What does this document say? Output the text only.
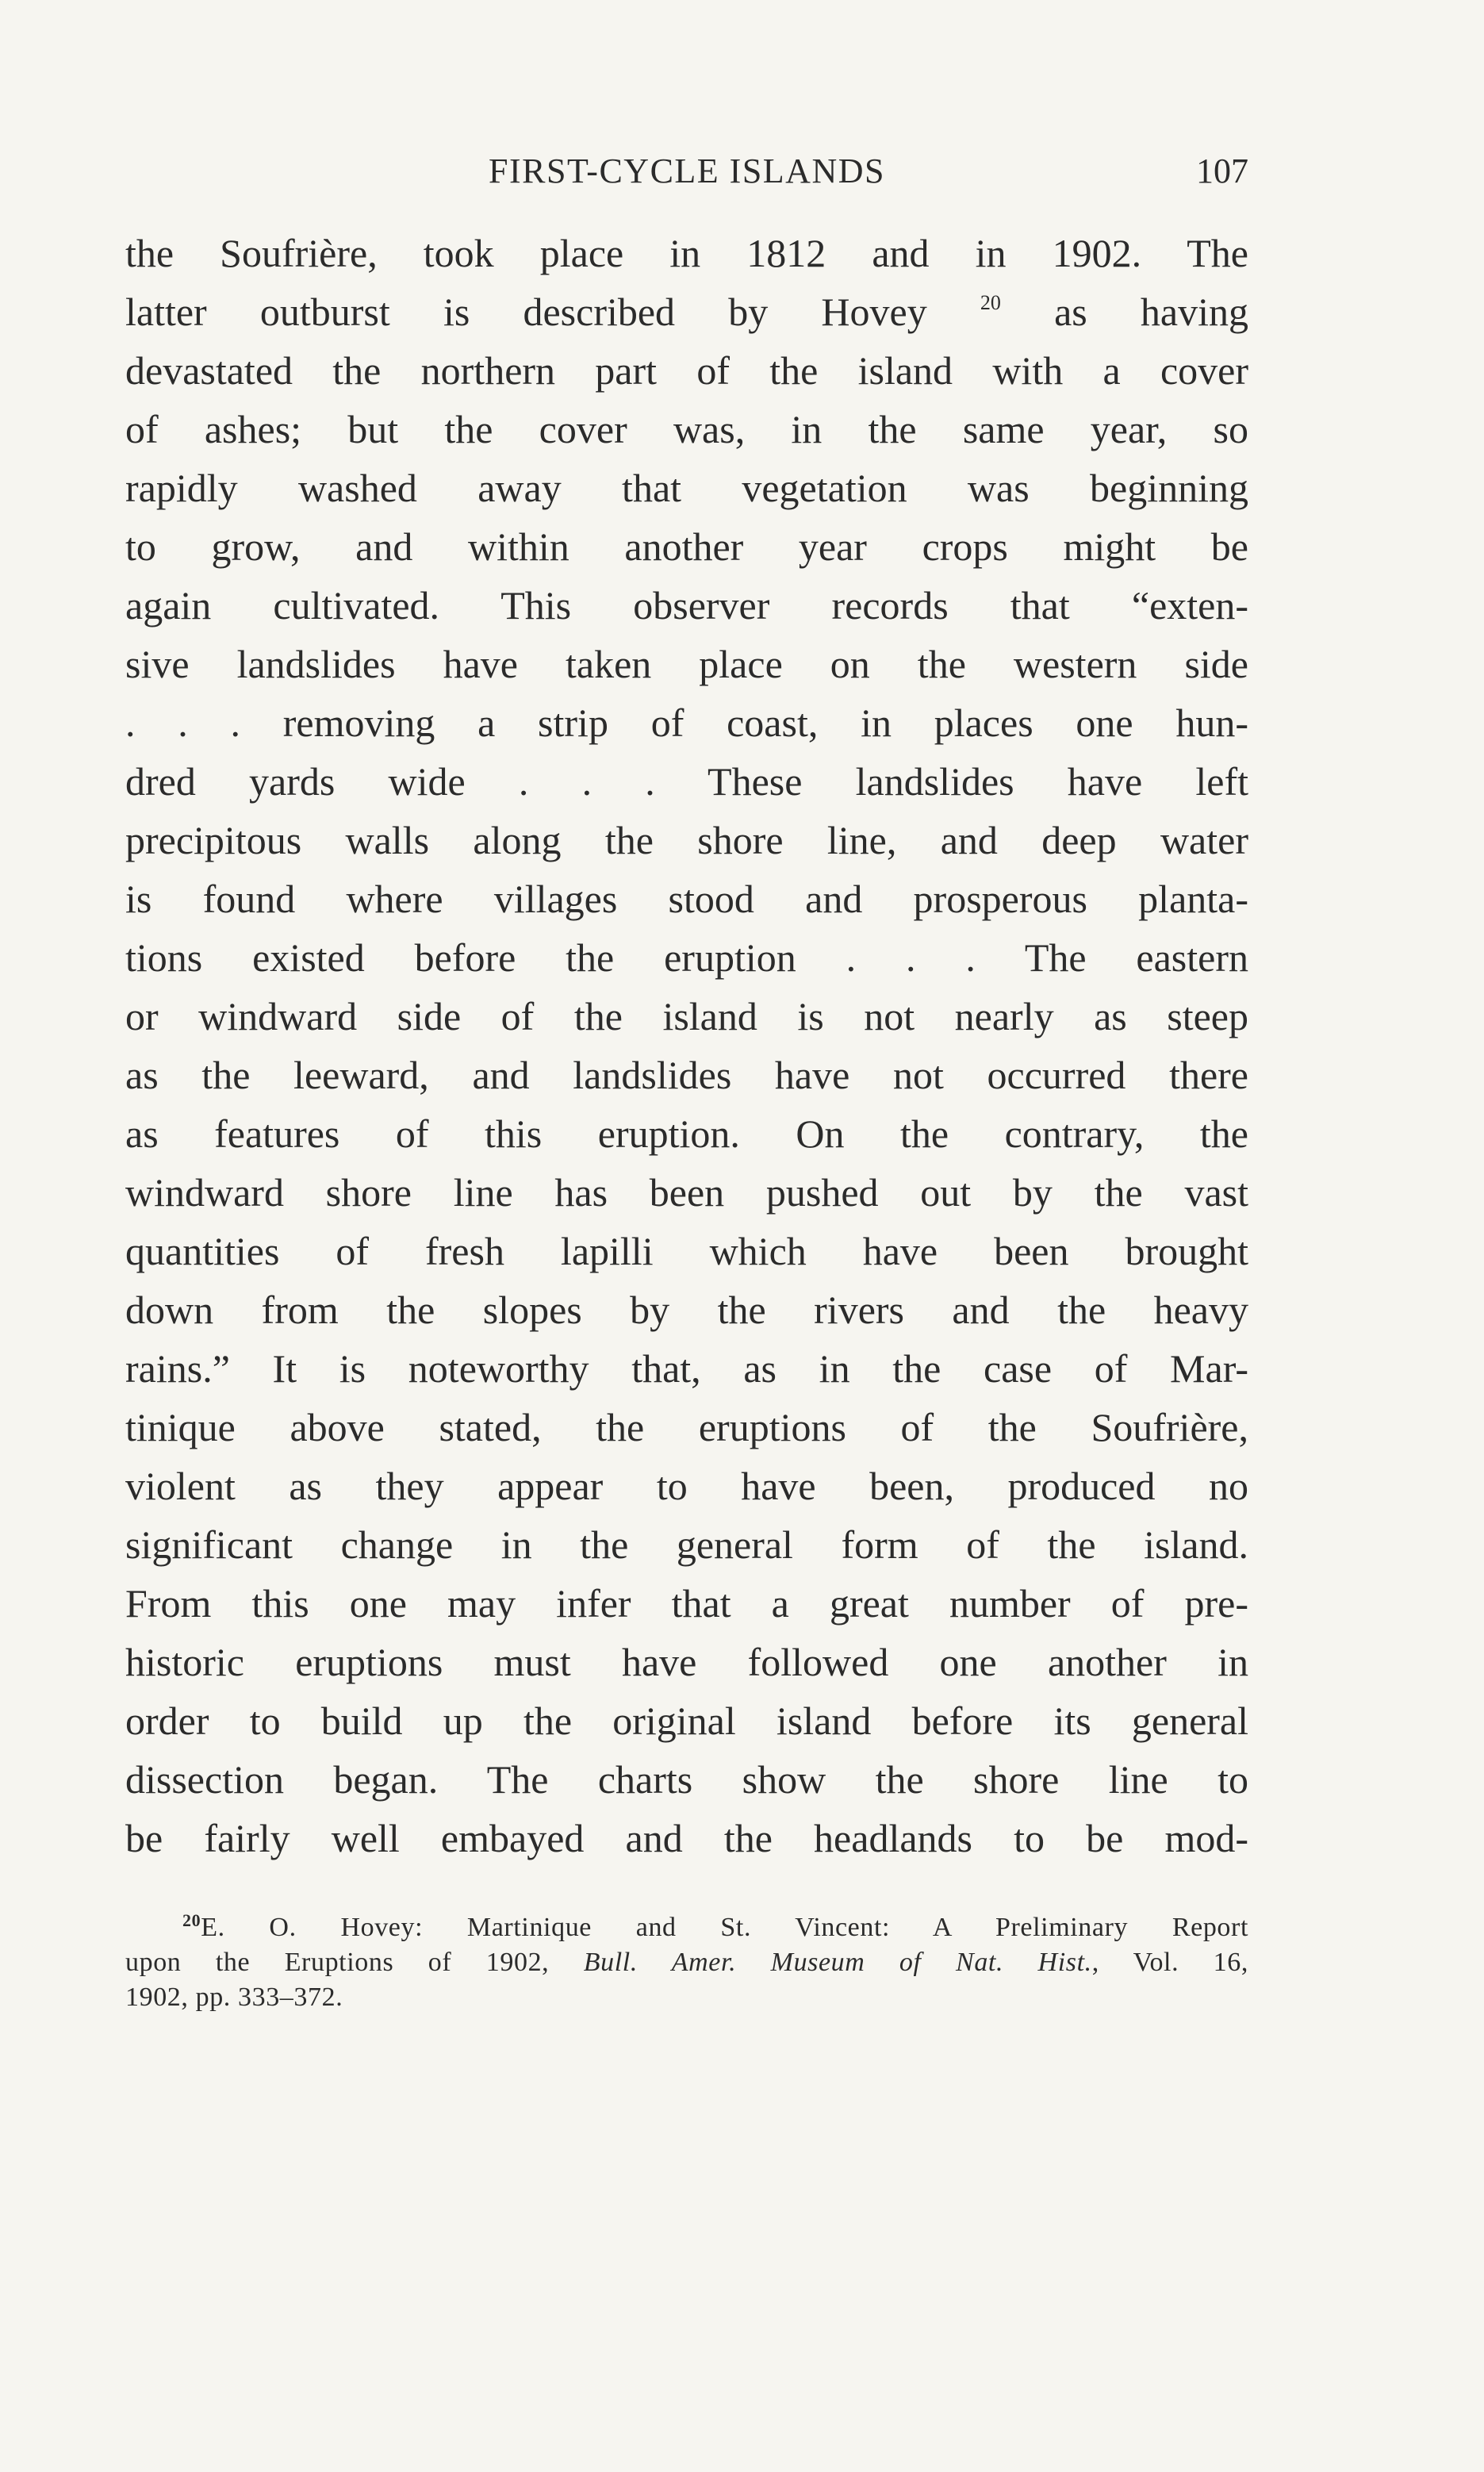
FIRST-CYCLE ISLANDS	107
the Soufrière, took place in 1812 and in 1902. The
latter outburst is described by Hovey	$^{20}$ as having
devastated the northern part of the island with a cover
of ashes; but the cover was, in the same year, so
rapidly washed away that vegetation was beginning
to grow, and within another year crops might be
again cultivated. This observer records that “exten-
sive landslides have taken place on the western side
. . . removing a strip of coast, in places one hun-
dred yards wide . . . These landslides have left
precipitous walls along the shore line, and deep water
is found where villages stood and prosperous planta-
tions existed before the eruption . . . The eastern
or windward side of the island is not nearly as steep
as the leeward, and landslides have not occurred there
as features of this eruption. On the contrary, the
windward shore line has been pushed out by the vast
quantities of fresh lapilli which have been brought
down from the slopes by the rivers and the heavy
rains.” It is noteworthy that, as in the case of Mar-
tinique above stated, the eruptions of the Soufrière,
violent as they appear to have been, produced no
significant change in the general form of the island.
From this one may infer that a great number of pre-
historic eruptions must have followed one another in
order to build up the original island before its general
dissection began. The charts show the shore line to
be fairly well embayed and the headlands to be mod-
$^{20}$E. O. Hovey: Martinique and St. Vincent: A Preliminary Report
upon the Eruptions of 1902, Bull. Amer. Museum of Nat. Hist., Vol. 16,
1902, pp. 333–372.
